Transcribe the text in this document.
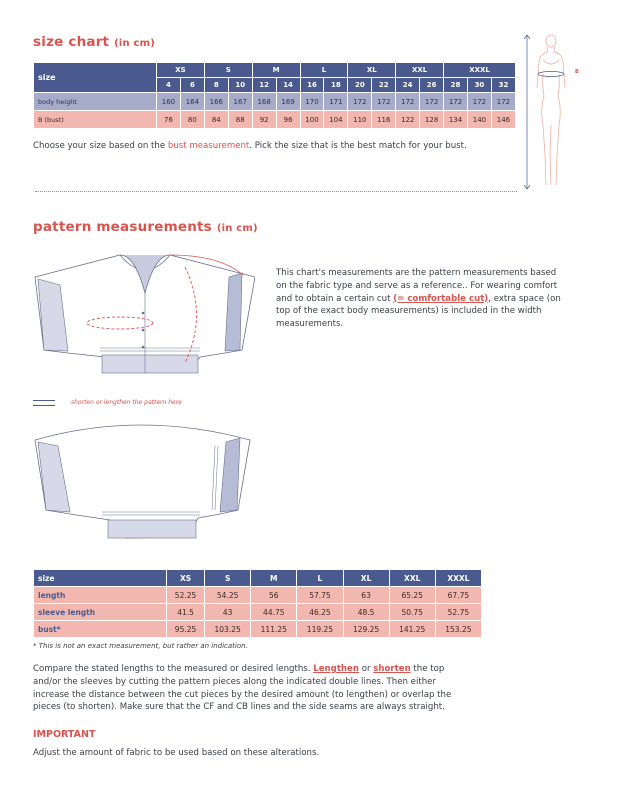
size chart (in cm)
size	XS		S		M		L		XL		XXL		XXXL		
	4	6	8	10	12	14	16	18	20	22	24	26	28	30	32
body height	160	164	166	167	168	169	170	171	172	172	172	172	172	172	172
B (bust)	76	80	84	88	92	96	100	104	110	116	122	128	134	140	146
Choose your size based on the bust measurement. Pick the size that is the best match for your bust.
B
pattern measurements (in cm)
This chart's measurements are the pattern measurements based
on the fabric type and serve as a reference.. For wearing comfort
and to obtain a certain cut (= comfortable cut), extra space (on
top of the exact body measurements) is included in the width
measurements.
shorten or lengthen the pattern here
size	XS	S	M	L	XL	XXL	XXXL
length	52.25	54.25	56	57.75	63	65.25	67.75
sleeve length	41.5	43	44.75	46.25	48.5	50.75	52.75
bust*	95.25	103.25	111.25	119.25	129.25	141.25	153.25
* This is not an exact measurement, but rather an indication.
Compare the stated lengths to the measured or desired lengths. Lengthen or shorten the top
and/or the sleeves by cutting the pattern pieces along the indicated double lines. Then either
increase the distance between the cut pieces by the desired amount (to lengthen) or overlap the
pieces (to shorten). Make sure that the CF and CB lines and the side seams are always straight.
IMPORTANT
Adjust the amount of fabric to be used based on these alterations.
